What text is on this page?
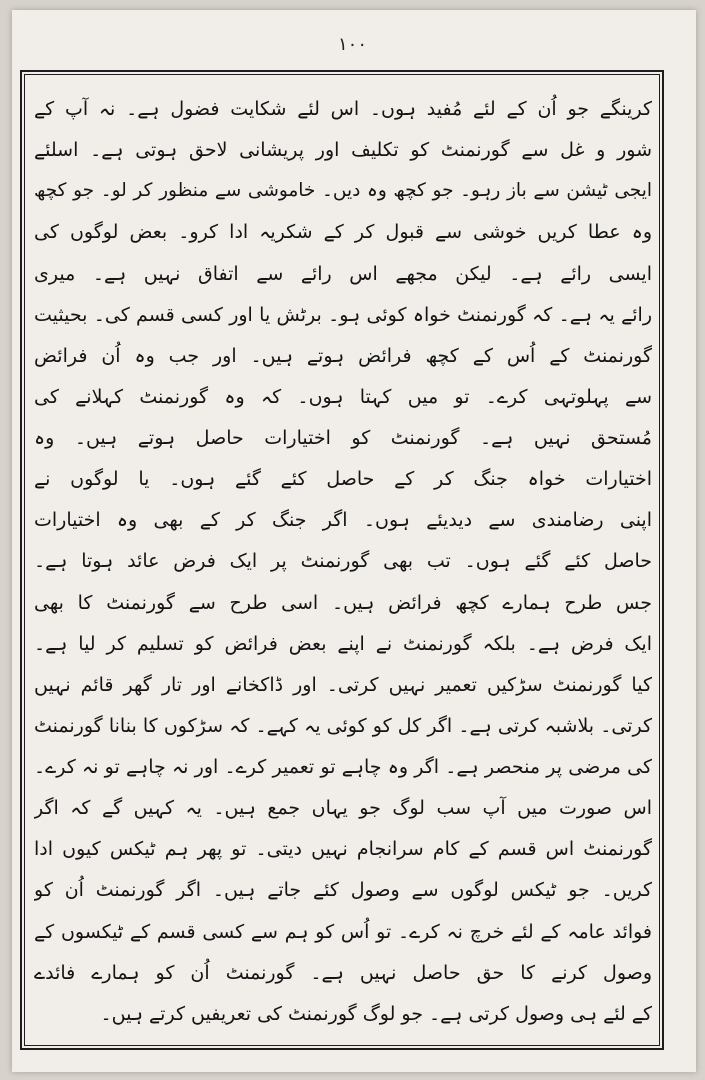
۱۰۰
کرینگے جو اُن کے لئے مُفید ہوں۔ اس لئے شکایت فضول ہے۔ نہ آپ کے
شور و غل سے گورنمنٹ کو تکلیف اور پریشانی لاحق ہوتی ہے۔ اسلئے
ایجی ٹیشن سے باز رہو۔ جو کچھ وہ دیں۔ خاموشی سے منظور کر لو۔ جو کچھ
وہ عطا کریں خوشی سے قبول کر کے شکریہ ادا کرو۔ بعض لوگوں کی
ایسی رائے ہے۔ لیکن مجھے اس رائے سے اتفاق نہیں ہے۔ میری
رائے یہ ہے۔ کہ گورنمنٹ خواہ کوئی ہو۔ برٹش یا اور کسی قسم کی۔ بحیثیت
گورنمنٹ کے اُس کے کچھ فرائض ہوتے ہیں۔ اور جب وہ اُن فرائض
سے پہلوتہی کرے۔ تو میں کہتا ہوں۔ کہ وہ گورنمنٹ کہلانے کی
مُستحق نہیں ہے۔ گورنمنٹ کو اختیارات حاصل ہوتے ہیں۔ وہ
اختیارات خواہ جنگ کر کے حاصل کئے گئے ہوں۔ یا لوگوں نے
اپنی رضامندی سے دیدیئے ہوں۔ اگر جنگ کر کے بھی وہ اختیارات
حاصل کئے گئے ہوں۔ تب بھی گورنمنٹ پر ایک فرض عائد ہوتا ہے۔
جس طرح ہمارے کچھ فرائض ہیں۔ اسی طرح سے گورنمنٹ کا بھی
ایک فرض ہے۔ بلکہ گورنمنٹ نے اپنے بعض فرائض کو تسلیم کر لیا ہے۔
کیا گورنمنٹ سڑکیں تعمیر نہیں کرتی۔ اور ڈاکخانے اور تار گھر قائم نہیں
کرتی۔ بلاشبہ کرتی ہے۔ اگر کل کو کوئی یہ کہے۔ کہ سڑکوں کا بنانا گورنمنٹ
کی مرضی پر منحصر ہے۔ اگر وہ چاہے تو تعمیر کرے۔ اور نہ چاہے تو نہ کرے۔
اس صورت میں آپ سب لوگ جو یہاں جمع ہیں۔ یہ کہیں گے کہ اگر
گورنمنٹ اس قسم کے کام سرانجام نہیں دیتی۔ تو پھر ہم ٹیکس کیوں ادا
کریں۔ جو ٹیکس لوگوں سے وصول کئے جاتے ہیں۔ اگر گورنمنٹ اُن کو
فوائد عامہ کے لئے خرچ نہ کرے۔ تو اُس کو ہم سے کسی قسم کے ٹیکسوں کے
وصول کرنے کا حق حاصل نہیں ہے۔ گورنمنٹ اُن کو ہمارے فائدے
کے لئے ہی وصول کرتی ہے۔ جو لوگ گورنمنٹ کی تعریفیں کرتے ہیں۔
